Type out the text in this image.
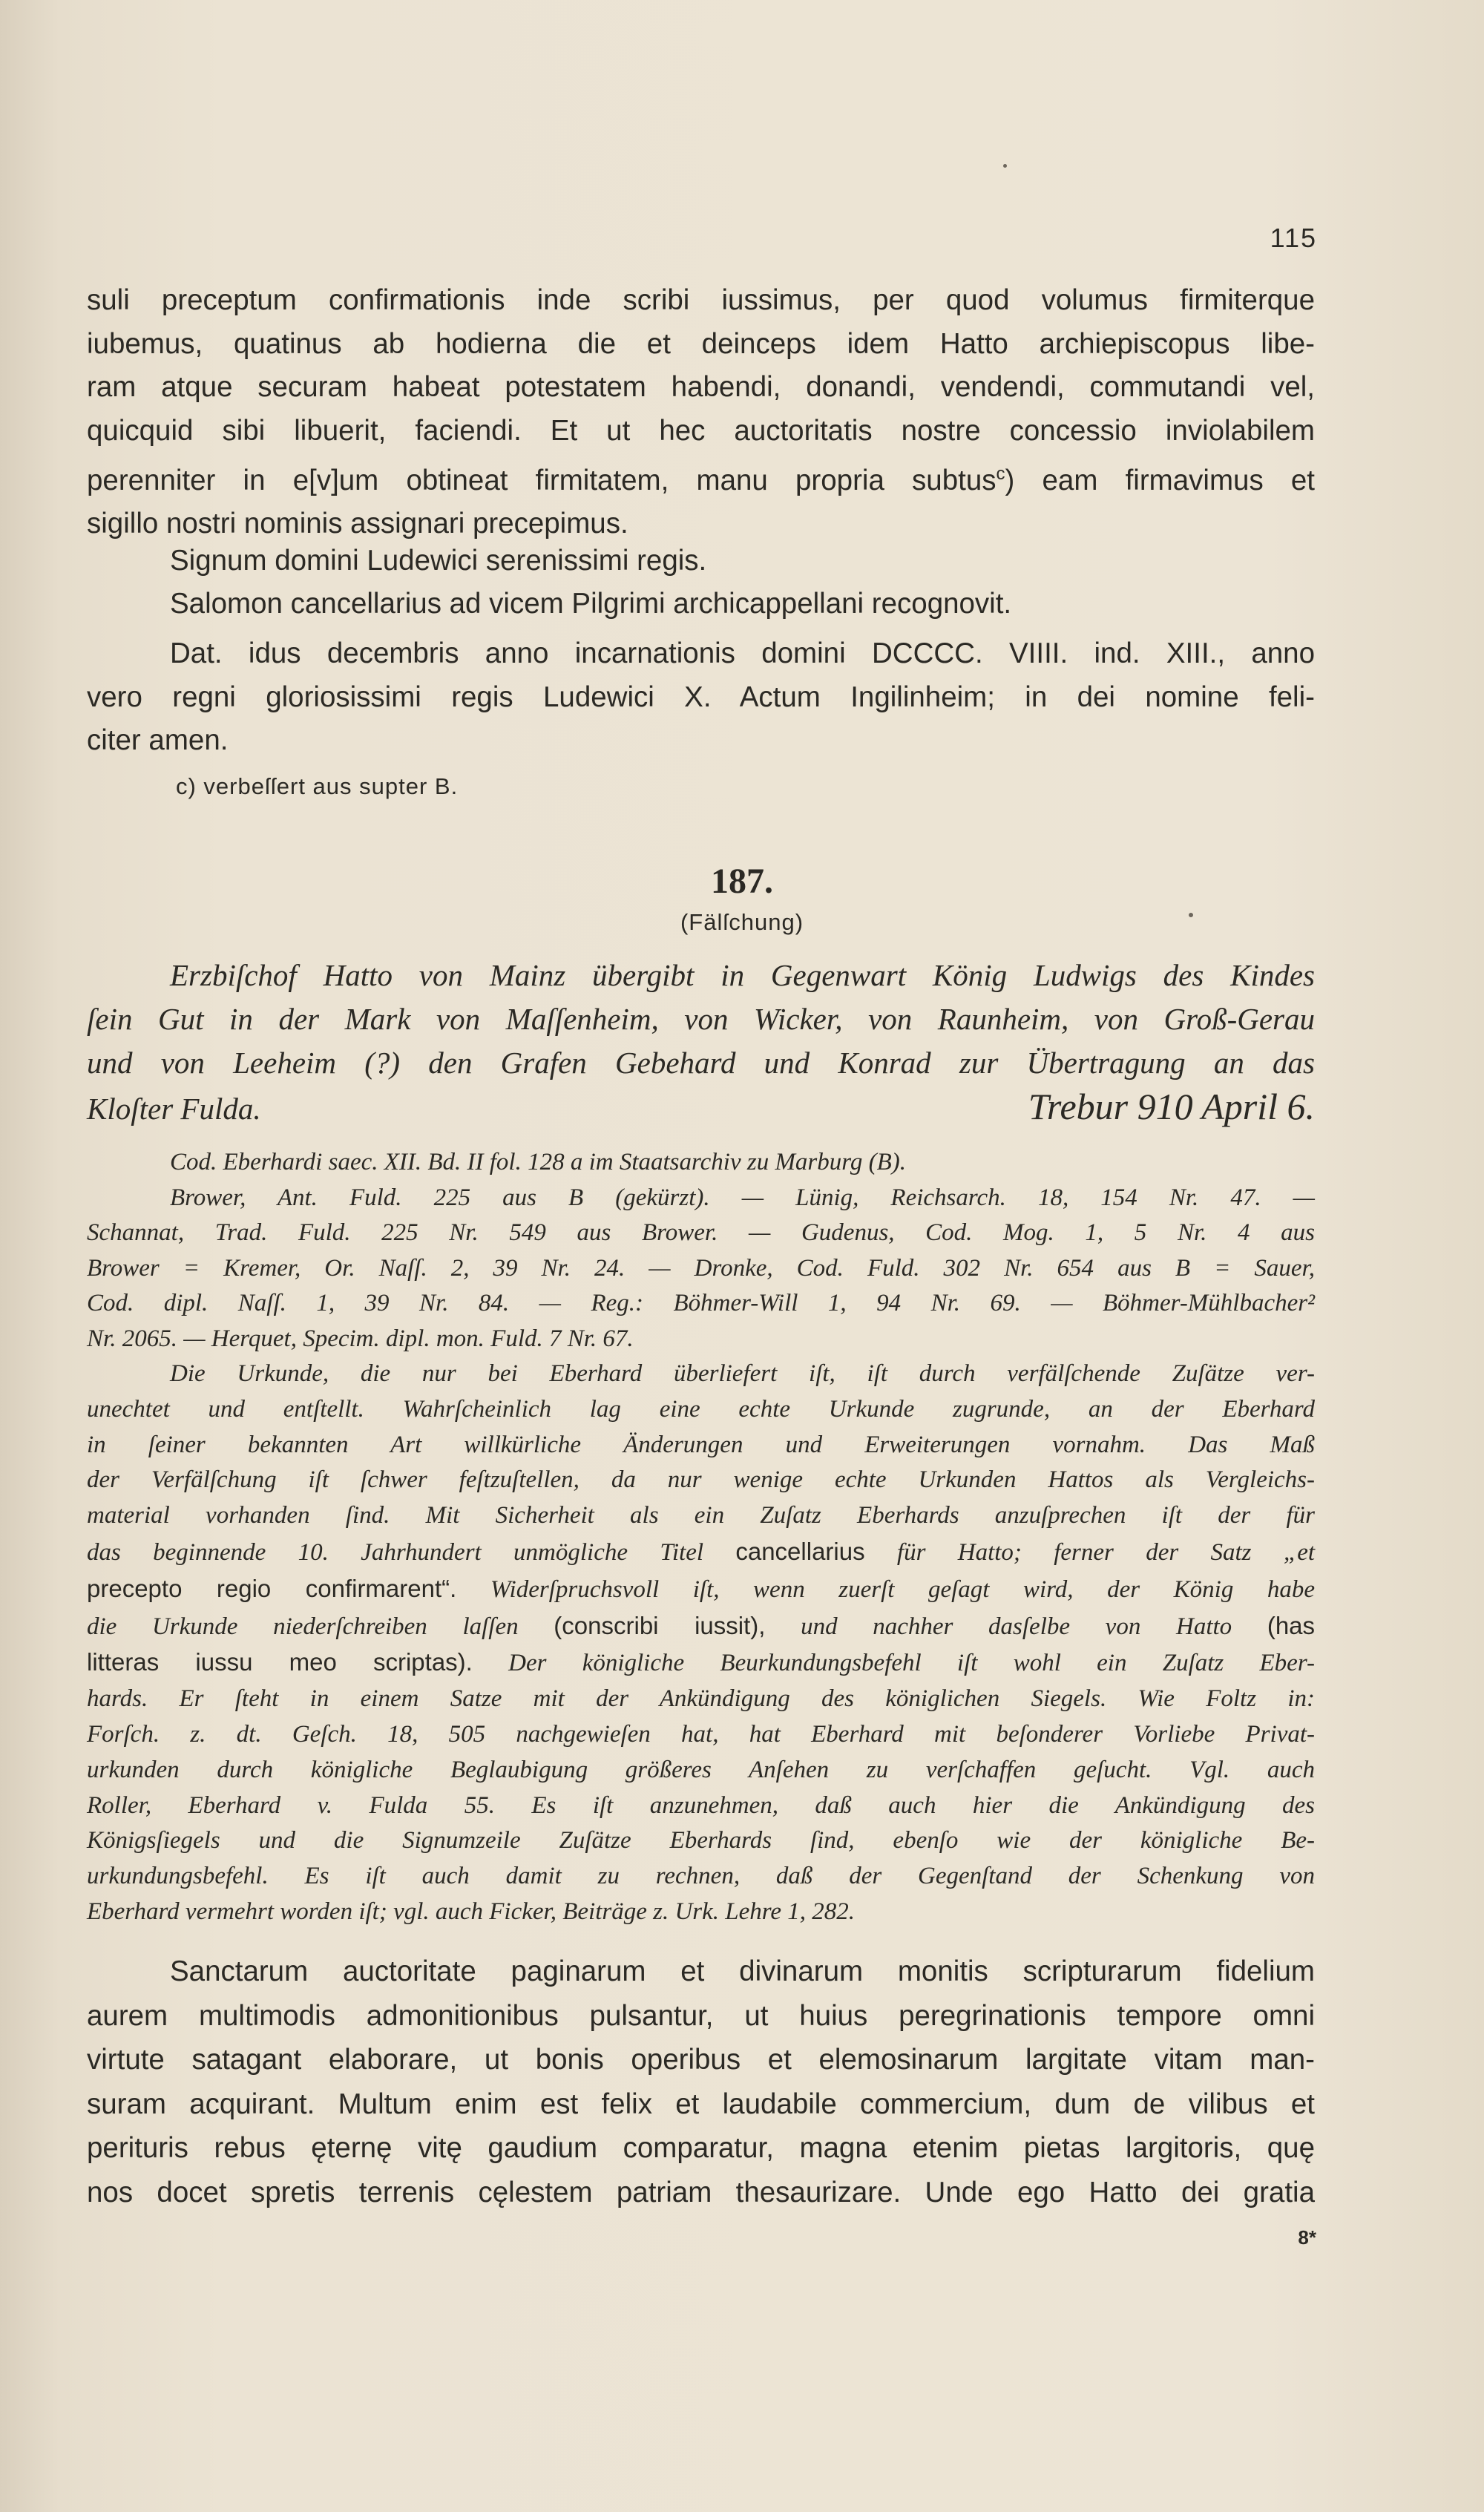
115
suli preceptum confirmationis inde scribi iussimus, per quod volumus firmiterque
iubemus, quatinus ab hodierna die et deinceps idem Hatto archiepiscopus libe-
ram atque securam habeat potestatem habendi, donandi, vendendi, commutandi vel,
quicquid sibi libuerit, faciendi. Et ut hec auctoritatis nostre concessio inviolabilem
perenniter in e[v]um obtineat firmitatem, manu propria subtus$^c$) eam firmavimus et
sigillo nostri nominis assignari precepimus.
Signum domini Ludewici serenissimi regis.
Salomon cancellarius ad vicem Pilgrimi archicappellani recognovit.
Dat. idus decembris anno incarnationis domini DCCCC. VIIII. ind. XIII., anno
vero regni gloriosissimi regis Ludewici X. Actum Ingilinheim; in dei nomine feli-
citer amen.
c) verbeſſert aus supter B.
187.
(Fälſchung)
Erzbiſchof Hatto von Mainz übergibt in Gegenwart König Ludwigs des Kindes
ſein Gut in der Mark von Maſſenheim, von Wicker, von Raunheim, von Groß-Gerau
und von Leeheim (?) den Grafen Gebehard und Konrad zur Übertragung an das
Kloſter Fulda.	Trebur 910 April 6.
Cod. Eberhardi saec. XII. Bd. II fol. 128 a im Staatsarchiv zu Marburg (B).
Brower, Ant. Fuld. 225 aus B (gekürzt). — Lünig, Reichsarch. 18, 154 Nr. 47. —
Schannat, Trad. Fuld. 225 Nr. 549 aus Brower. — Gudenus, Cod. Mog. 1, 5 Nr. 4 aus
Brower = Kremer, Or. Naſſ. 2, 39 Nr. 24. — Dronke, Cod. Fuld. 302 Nr. 654 aus B = Sauer,
Cod. dipl. Naſſ. 1, 39 Nr. 84. — Reg.: Böhmer-Will 1, 94 Nr. 69. — Böhmer-Mühlbacher²
Nr. 2065. — Herquet, Specim. dipl. mon. Fuld. 7 Nr. 67.
Die Urkunde, die nur bei Eberhard überliefert iſt, iſt durch verfälſchende Zuſätze ver-
unechtet und entſtellt. Wahrſcheinlich lag eine echte Urkunde zugrunde, an der Eberhard
in ſeiner bekannten Art willkürliche Änderungen und Erweiterungen vornahm. Das Maß
der Verfälſchung iſt ſchwer feſtzuſtellen, da nur wenige echte Urkunden Hattos als Vergleichs-
material vorhanden ſind. Mit Sicherheit als ein Zuſatz Eberhards anzuſprechen iſt der für
das beginnende 10. Jahrhundert unmögliche Titel cancellarius für Hatto; ferner der Satz „et
precepto regio confirmarent“. Widerſpruchsvoll iſt, wenn zuerſt geſagt wird, der König habe
die Urkunde niederſchreiben laſſen (conscribi iussit), und nachher dasſelbe von Hatto (has
litteras iussu meo scriptas). Der königliche Beurkundungsbefehl iſt wohl ein Zuſatz Eber-
hards. Er ſteht in einem Satze mit der Ankündigung des königlichen Siegels. Wie Foltz in:
Forſch. z. dt. Geſch. 18, 505 nachgewieſen hat, hat Eberhard mit beſonderer Vorliebe Privat-
urkunden durch königliche Beglaubigung größeres Anſehen zu verſchaffen geſucht. Vgl. auch
Roller, Eberhard v. Fulda 55. Es iſt anzunehmen, daß auch hier die Ankündigung des
Königsſiegels und die Signumzeile Zuſätze Eberhards ſind, ebenſo wie der königliche Be-
urkundungsbefehl. Es iſt auch damit zu rechnen, daß der Gegenſtand der Schenkung von
Eberhard vermehrt worden iſt; vgl. auch Ficker, Beiträge z. Urk. Lehre 1, 282.
Sanctarum auctoritate paginarum et divinarum monitis scripturarum fidelium
aurem multimodis admonitionibus pulsantur, ut huius peregrinationis tempore omni
virtute satagant elaborare, ut bonis operibus et elemosinarum largitate vitam man-
suram acquirant. Multum enim est felix et laudabile commercium, dum de vilibus et
perituris rebus ęternę vitę gaudium comparatur, magna etenim pietas largitoris, quę
nos docet spretis terrenis cęlestem patriam thesaurizare. Unde ego Hatto dei gratia
8*
